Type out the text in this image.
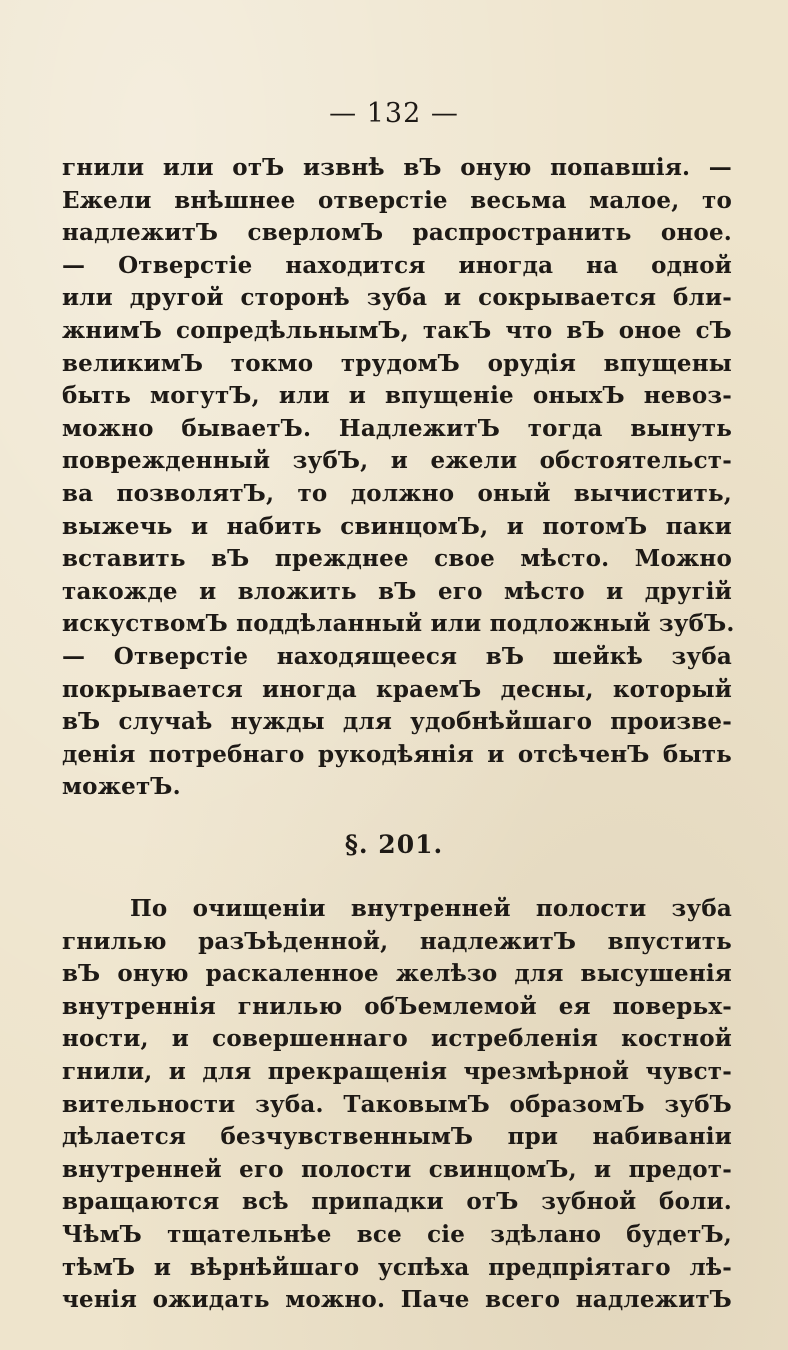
— 132 —
гнили или отЪ извнѣ вЪ оную попавшія. —
Ежели внѣшнее отверстіе весьма малое, то
надлежитЪ сверломЪ распространить оное.
— Отверстіе находится иногда на одной
или другой сторонѣ зуба и сокрывается бли-
жнимЪ сопредѣльнымЪ, такЪ что вЪ оное сЪ
великимЪ токмо трудомЪ орудія впущены
быть могутЪ, или и впущеніе оныхЪ невоз-
можно бываетЪ. НадлежитЪ тогда вынуть
поврежденный зубЪ, и ежели обстоятельст-
ва позволятЪ, то должно оный вычистить,
выжечь и набить свинцомЪ, и потомЪ паки
вставить вЪ прежднее свое мѣсто. Можно
такожде и вложить вЪ его мѣсто и другій
искуствомЪ поддѣланный или подложный зубЪ.
— Отверстіе находящееся вЪ шейкѣ зуба
покрывается иногда краемЪ десны, который
вЪ случаѣ нужды для удобнѣйшаго произве-
денія потребнаго рукодѣянія и отсѣченЪ быть
можетЪ.
§. 201.
По очищеніи внутренней полости зуба
гнилью разЪѣденной, надлежитЪ впустить
вЪ оную раскаленное желѣзо для высушенія
внутреннія гнилью обЪемлемой ея поверьх-
ности, и совершеннаго истребленія костной
гнили, и для прекращенія чрезмѣрной чувст-
вительности зуба. ТаковымЪ образомЪ зубЪ
дѣлается безчувственнымЪ при набиваніи
внутренней его полости свинцомЪ, и предот-
вращаются всѣ припадки отЪ зубной боли.
ЧѣмЪ тщательнѣе все сіе здѣлано будетЪ,
тѣмЪ и вѣрнѣйшаго успѣха предпріятаго лѣ-
ченія ожидать можно. Паче всего надлежитЪ
